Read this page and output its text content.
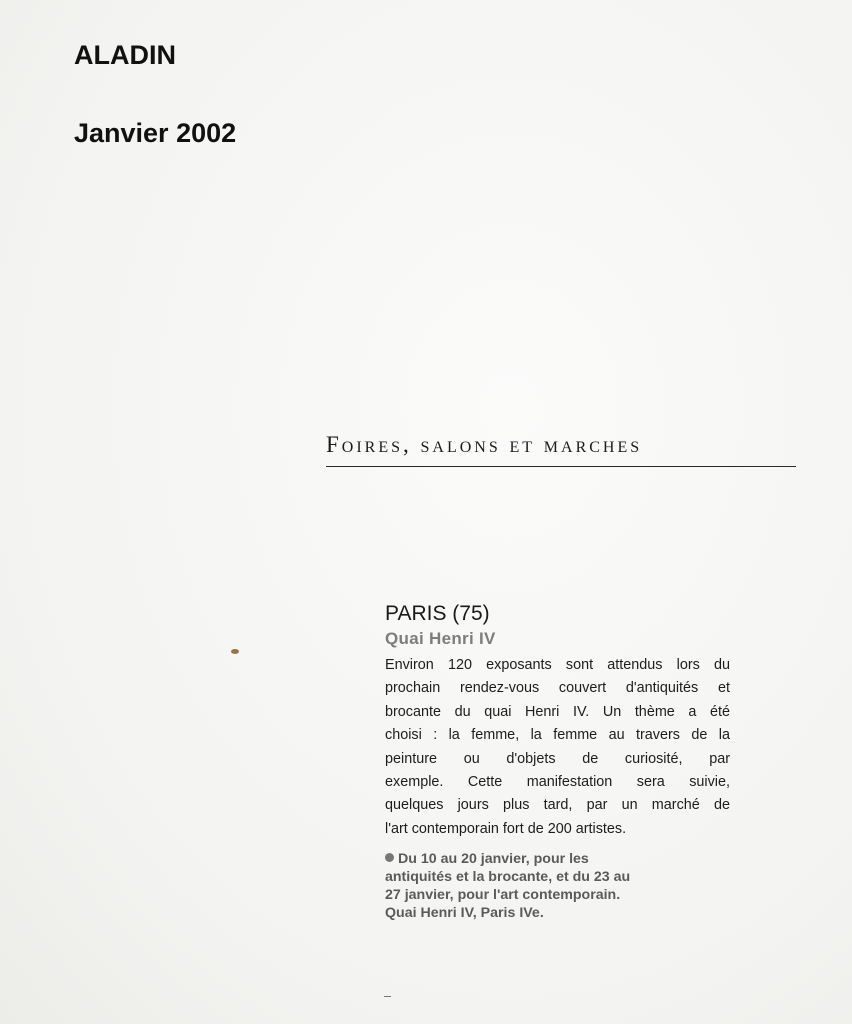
ALADIN
Janvier 2002
Foires, salons et marches

PARIS (75)

Quai Henri IV

Environ 120 exposants sont attendus lors du
prochain rendez-vous couvert d'antiquités et
brocante du quai Henri IV. Un thème a été
choisi : la femme, la femme au travers de la
peinture ou d'objets de curiosité, par
exemple. Cette manifestation sera suivie,
quelques jours plus tard, par un marché de
l'art contemporain fort de 200 artistes.

Du 10 au 20 janvier, pour les
antiquités et la brocante, et du 23 au
27 janvier, pour l'art contemporain.
Quai Henri IV, Paris IVe.
